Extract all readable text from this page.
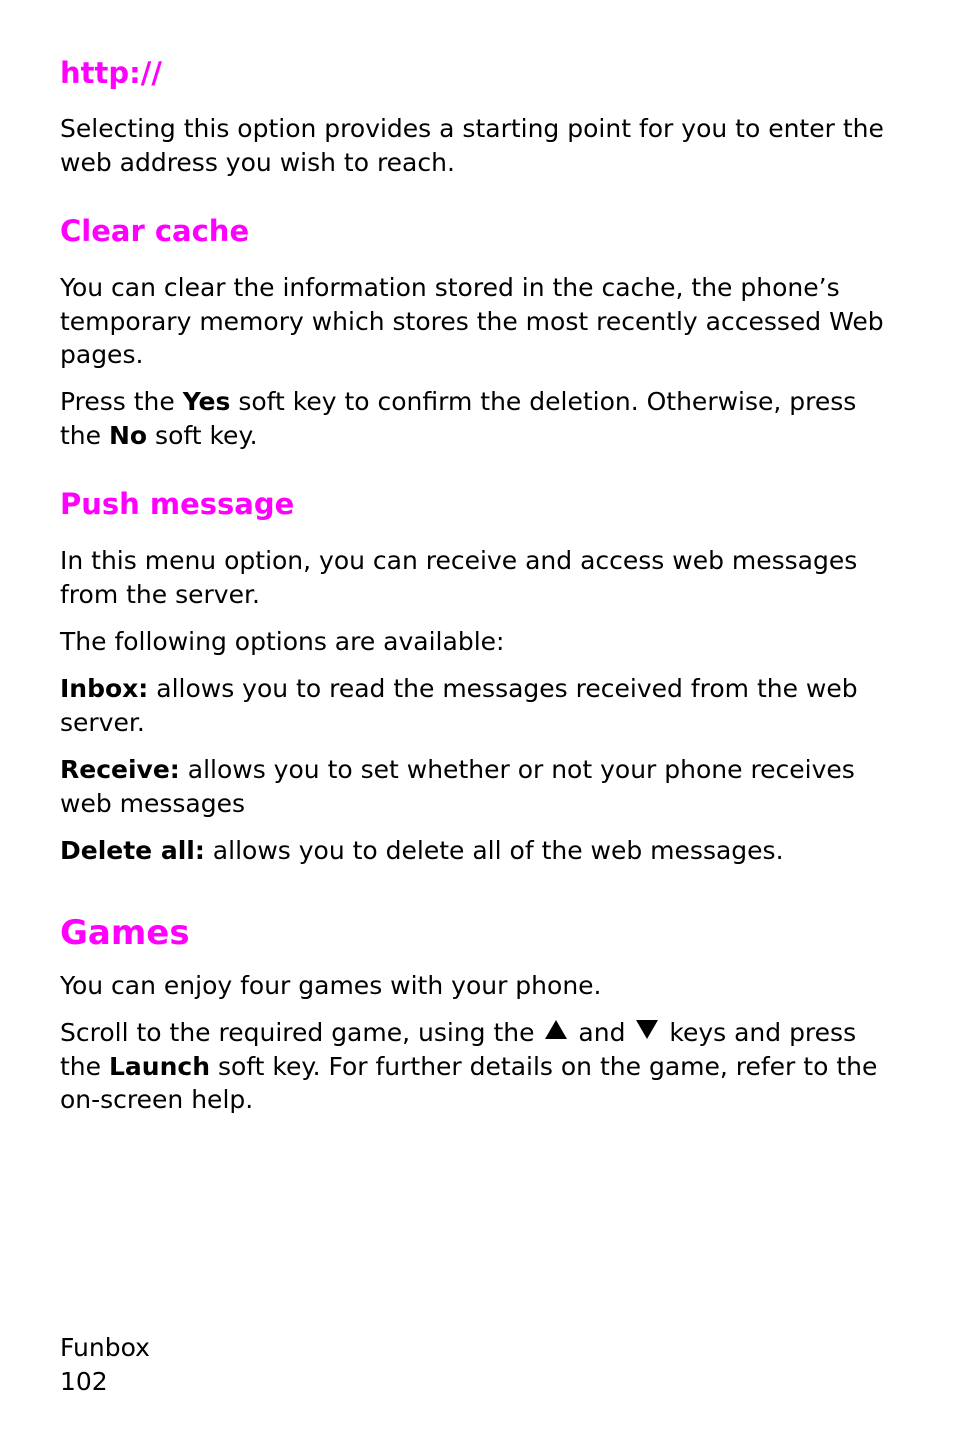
http://

Selecting this option provides a starting point for you to enter the web address you wish to reach.

Clear cache

You can clear the information stored in the cache, the phone’s temporary memory which stores the most recently accessed Web pages.

Press the Yes soft key to confirm the deletion. Otherwise, press the No soft key.

Push message

In this menu option, you can receive and access web messages from the server.

The following options are available:

Inbox: allows you to read the messages received from the web server.

Receive: allows you to set whether or not your phone receives web messages

Delete all: allows you to delete all of the web messages.

Games

You can enjoy four games with your phone.

Scroll to the required game, using the  and  keys and press the Launch soft key. For further details on the game, refer to the on-screen help.

Funbox
102
